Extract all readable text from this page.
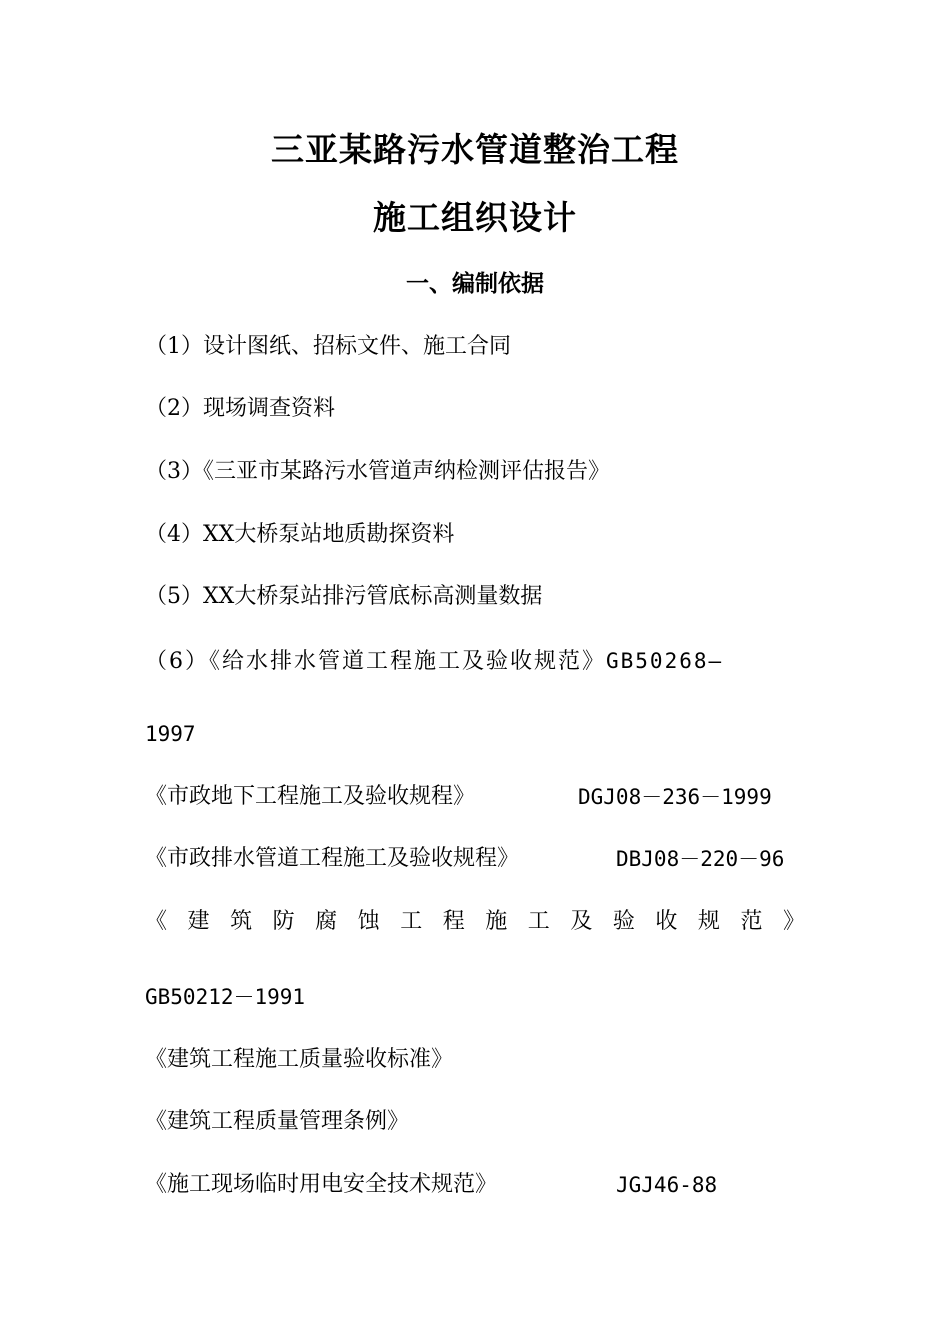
三亚某路污水管道整治工程
施工组织设计
一、编制依据
（1）设计图纸、招标文件、施工合同
（2）现场调查资料
（3）《三亚市某路污水管道声纳检测评估报告》
（4）XX大桥泵站地质勘探资料
（5）XX大桥泵站排污管底标高测量数据
（6）《给水排水管道工程施工及验收规范》GB50268—
1997
《市政地下工程施工及验收规程》	DGJ08－236－1999
《市政排水管道工程施工及验收规程》	DBJ08－220－96
《 建 筑 防 腐 蚀 工 程 施 工 及 验 收 规 范 》
GB50212－1991
《建筑工程施工质量验收标准》
《建筑工程质量管理条例》
《施工现场临时用电安全技术规范》	JGJ46-88
